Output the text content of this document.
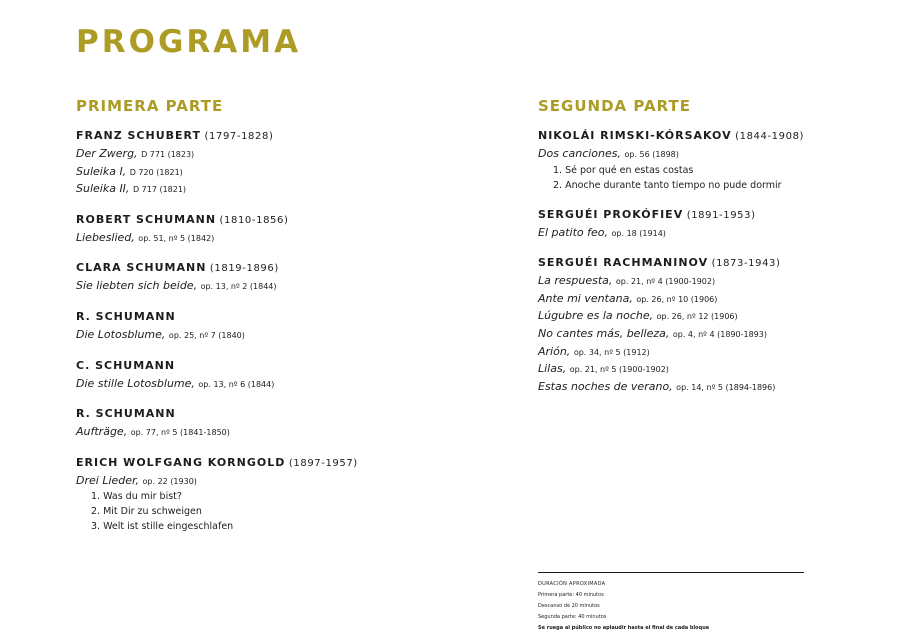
PROGRAMA
PRIMERA PARTE
FRANZ SCHUBERT (1797-1828)
Der Zwerg, D 771 (1823)
Suleika I, D 720 (1821)
Suleika II, D 717 (1821)
ROBERT SCHUMANN (1810-1856)
Liebeslied, op. 51, nº 5 (1842)
CLARA SCHUMANN (1819-1896)
Sie liebten sich beide, op. 13, nº 2 (1844)
R. SCHUMANN
Die Lotosblume, op. 25, nº 7 (1840)
C. SCHUMANN
Die stille Lotosblume, op. 13, nº 6 (1844)
R. SCHUMANN
Aufträge, op. 77, nº 5 (1841-1850)
ERICH WOLFGANG KORNGOLD (1897-1957)
Drei Lieder, op. 22 (1930)
1. Was du mir bist?
2. Mit Dir zu schweigen
3. Welt ist stille eingeschlafen
SEGUNDA PARTE
NIKOLÁI RIMSKI-KÓRSAKOV (1844-1908)
Dos canciones, op. 56 (1898)
1. Sé por qué en estas costas
2. Anoche durante tanto tiempo no pude dormir
SERGUÉI PROKÓFIEV (1891-1953)
El patito feo, op. 18 (1914)
SERGUÉI RACHMANINOV (1873-1943)
La respuesta, op. 21, nº 4 (1900-1902)
Ante mi ventana, op. 26, nº 10 (1906)
Lúgubre es la noche, op. 26, nº 12 (1906)
No cantes más, belleza, op. 4, nº 4 (1890-1893)
Arión, op. 34, nº 5 (1912)
Lilas, op. 21, nº 5 (1900-1902)
Estas noches de verano, op. 14, nº 5 (1894-1896)
DURACIÓN APROXIMADA
Primera parte: 40 minutos
Descanso de 20 minutos
Segunda parte: 40 minutos
Se ruega al público no aplaudir hasta el final de cada bloque
